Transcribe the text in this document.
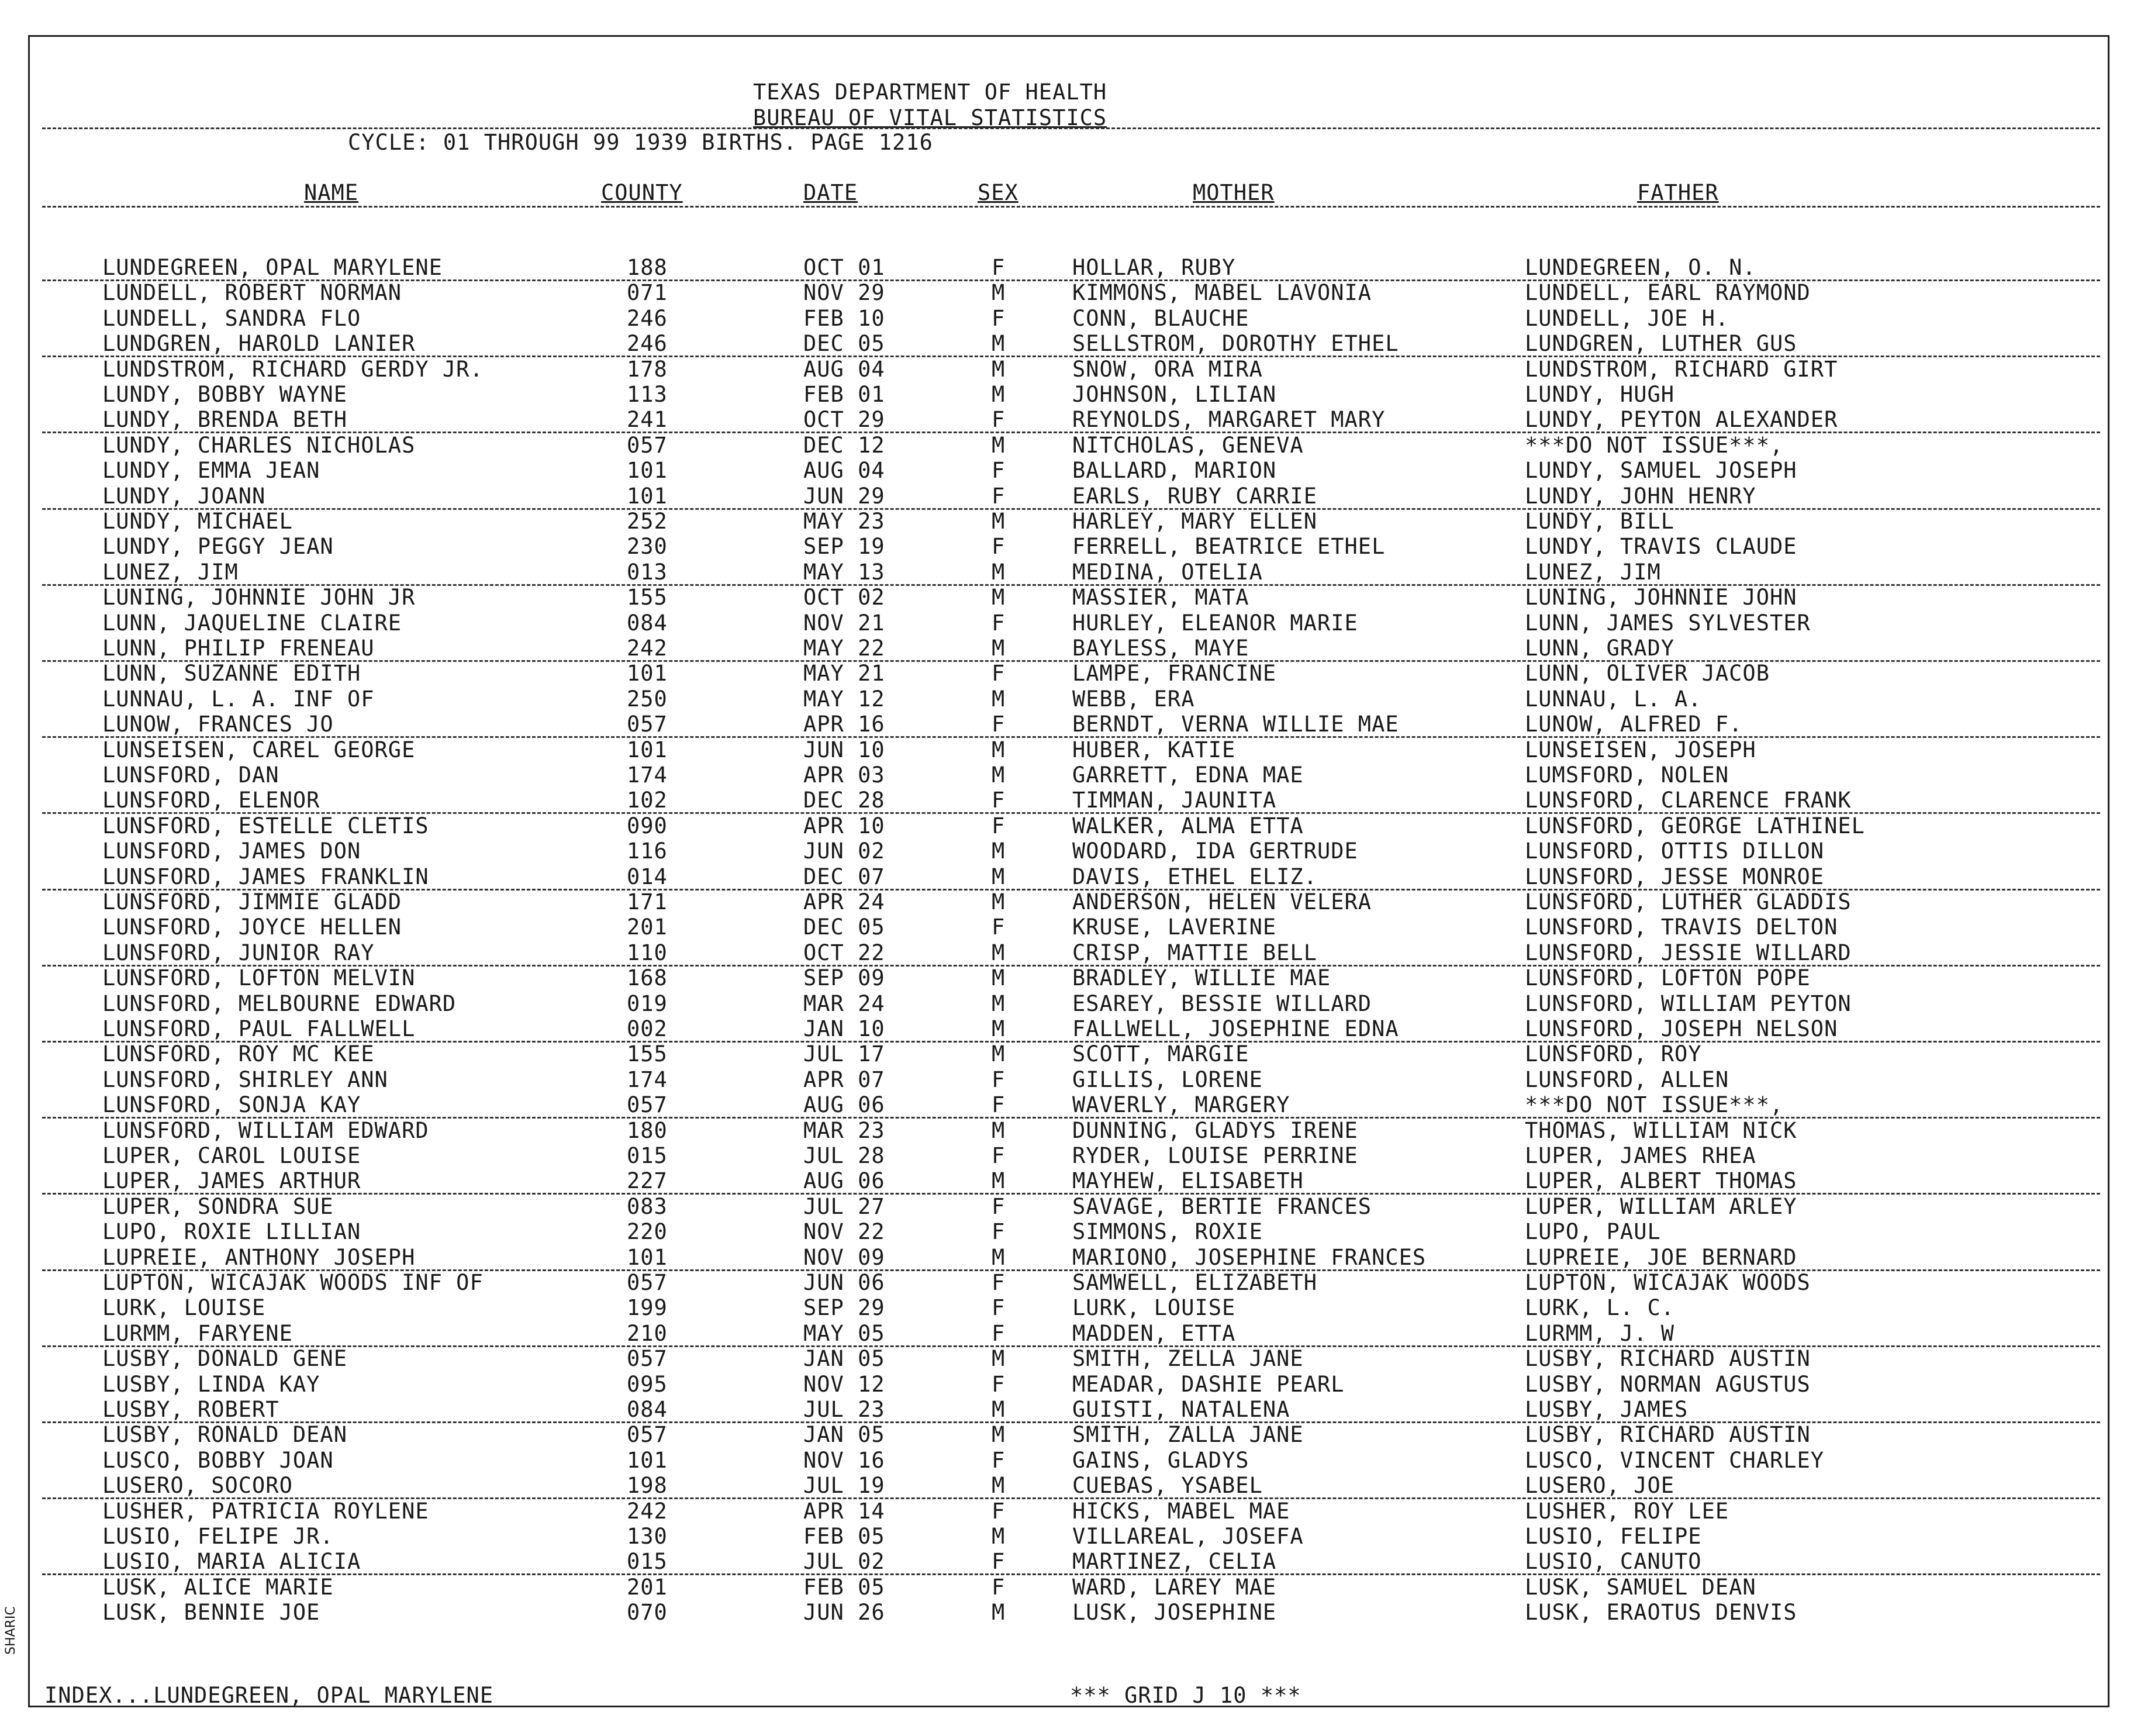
TEXAS DEPARTMENT OF HEALTH
BUREAU OF VITAL STATISTICS
CYCLE: 01 THROUGH 99 1939 BIRTHS. PAGE 1216
NAME	COUNTY	DATE	SEX	MOTHER	FATHER
LUNDEGREEN, OPAL MARYLENE	188	OCT 01	F	HOLLAR, RUBY	LUNDEGREEN, O. N.
LUNDELL, ROBERT NORMAN	071	NOV 29	M	KIMMONS, MABEL LAVONIA	LUNDELL, EARL RAYMOND
LUNDELL, SANDRA FLO	246	FEB 10	F	CONN, BLAUCHE	LUNDELL, JOE H.
LUNDGREN, HAROLD LANIER	246	DEC 05	M	SELLSTROM, DOROTHY ETHEL	LUNDGREN, LUTHER GUS
LUNDSTROM, RICHARD GERDY JR.	178	AUG 04	M	SNOW, ORA MIRA	LUNDSTROM, RICHARD GIRT
LUNDY, BOBBY WAYNE	113	FEB 01	M	JOHNSON, LILIAN	LUNDY, HUGH
LUNDY, BRENDA BETH	241	OCT 29	F	REYNOLDS, MARGARET MARY	LUNDY, PEYTON ALEXANDER
LUNDY, CHARLES NICHOLAS	057	DEC 12	M	NITCHOLAS, GENEVA	***DO NOT ISSUE***,
LUNDY, EMMA JEAN	101	AUG 04	F	BALLARD, MARION	LUNDY, SAMUEL JOSEPH
LUNDY, JOANN	101	JUN 29	F	EARLS, RUBY CARRIE	LUNDY, JOHN HENRY
LUNDY, MICHAEL	252	MAY 23	M	HARLEY, MARY ELLEN	LUNDY, BILL
LUNDY, PEGGY JEAN	230	SEP 19	F	FERRELL, BEATRICE ETHEL	LUNDY, TRAVIS CLAUDE
LUNEZ, JIM	013	MAY 13	M	MEDINA, OTELIA	LUNEZ, JIM
LUNING, JOHNNIE JOHN JR	155	OCT 02	M	MASSIER, MATA	LUNING, JOHNNIE JOHN
LUNN, JAQUELINE CLAIRE	084	NOV 21	F	HURLEY, ELEANOR MARIE	LUNN, JAMES SYLVESTER
LUNN, PHILIP FRENEAU	242	MAY 22	M	BAYLESS, MAYE	LUNN, GRADY
LUNN, SUZANNE EDITH	101	MAY 21	F	LAMPE, FRANCINE	LUNN, OLIVER JACOB
LUNNAU, L. A. INF OF	250	MAY 12	M	WEBB, ERA	LUNNAU, L. A.
LUNOW, FRANCES JO	057	APR 16	F	BERNDT, VERNA WILLIE MAE	LUNOW, ALFRED F.
LUNSEISEN, CAREL GEORGE	101	JUN 10	M	HUBER, KATIE	LUNSEISEN, JOSEPH
LUNSFORD, DAN	174	APR 03	M	GARRETT, EDNA MAE	LUMSFORD, NOLEN
LUNSFORD, ELENOR	102	DEC 28	F	TIMMAN, JAUNITA	LUNSFORD, CLARENCE FRANK
LUNSFORD, ESTELLE CLETIS	090	APR 10	F	WALKER, ALMA ETTA	LUNSFORD, GEORGE LATHINEL
LUNSFORD, JAMES DON	116	JUN 02	M	WOODARD, IDA GERTRUDE	LUNSFORD, OTTIS DILLON
LUNSFORD, JAMES FRANKLIN	014	DEC 07	M	DAVIS, ETHEL ELIZ.	LUNSFORD, JESSE MONROE
LUNSFORD, JIMMIE GLADD	171	APR 24	M	ANDERSON, HELEN VELERA	LUNSFORD, LUTHER GLADDIS
LUNSFORD, JOYCE HELLEN	201	DEC 05	F	KRUSE, LAVERINE	LUNSFORD, TRAVIS DELTON
LUNSFORD, JUNIOR RAY	110	OCT 22	M	CRISP, MATTIE BELL	LUNSFORD, JESSIE WILLARD
LUNSFORD, LOFTON MELVIN	168	SEP 09	M	BRADLEY, WILLIE MAE	LUNSFORD, LOFTON POPE
LUNSFORD, MELBOURNE EDWARD	019	MAR 24	M	ESAREY, BESSIE WILLARD	LUNSFORD, WILLIAM PEYTON
LUNSFORD, PAUL FALLWELL	002	JAN 10	M	FALLWELL, JOSEPHINE EDNA	LUNSFORD, JOSEPH NELSON
LUNSFORD, ROY MC KEE	155	JUL 17	M	SCOTT, MARGIE	LUNSFORD, ROY
LUNSFORD, SHIRLEY ANN	174	APR 07	F	GILLIS, LORENE	LUNSFORD, ALLEN
LUNSFORD, SONJA KAY	057	AUG 06	F	WAVERLY, MARGERY	***DO NOT ISSUE***,
LUNSFORD, WILLIAM EDWARD	180	MAR 23	M	DUNNING, GLADYS IRENE	THOMAS, WILLIAM NICK
LUPER, CAROL LOUISE	015	JUL 28	F	RYDER, LOUISE PERRINE	LUPER, JAMES RHEA
LUPER, JAMES ARTHUR	227	AUG 06	M	MAYHEW, ELISABETH	LUPER, ALBERT THOMAS
LUPER, SONDRA SUE	083	JUL 27	F	SAVAGE, BERTIE FRANCES	LUPER, WILLIAM ARLEY
LUPO, ROXIE LILLIAN	220	NOV 22	F	SIMMONS, ROXIE	LUPO, PAUL
LUPREIE, ANTHONY JOSEPH	101	NOV 09	M	MARIONO, JOSEPHINE FRANCES	LUPREIE, JOE BERNARD
LUPTON, WICAJAK WOODS INF OF	057	JUN 06	F	SAMWELL, ELIZABETH	LUPTON, WICAJAK WOODS
LURK, LOUISE	199	SEP 29	F	LURK, LOUISE	LURK, L. C.
LURMM, FARYENE	210	MAY 05	F	MADDEN, ETTA	LURMM, J. W
LUSBY, DONALD GENE	057	JAN 05	M	SMITH, ZELLA JANE	LUSBY, RICHARD AUSTIN
LUSBY, LINDA KAY	095	NOV 12	F	MEADAR, DASHIE PEARL	LUSBY, NORMAN AGUSTUS
LUSBY, ROBERT	084	JUL 23	M	GUISTI, NATALENA	LUSBY, JAMES
LUSBY, RONALD DEAN	057	JAN 05	M	SMITH, ZALLA JANE	LUSBY, RICHARD AUSTIN
LUSCO, BOBBY JOAN	101	NOV 16	F	GAINS, GLADYS	LUSCO, VINCENT CHARLEY
LUSERO, SOCORO	198	JUL 19	M	CUEBAS, YSABEL	LUSERO, JOE
LUSHER, PATRICIA ROYLENE	242	APR 14	F	HICKS, MABEL MAE	LUSHER, ROY LEE
LUSIO, FELIPE JR.	130	FEB 05	M	VILLAREAL, JOSEFA	LUSIO, FELIPE
LUSIO, MARIA ALICIA	015	JUL 02	F	MARTINEZ, CELIA	LUSIO, CANUTO
LUSK, ALICE MARIE	201	FEB 05	F	WARD, LAREY MAE	LUSK, SAMUEL DEAN
LUSK, BENNIE JOE	070	JUN 26	M	LUSK, JOSEPHINE	LUSK, ERAOTUS DENVIS
INDEX...LUNDEGREEN, OPAL MARYLENE	*** GRID J 10 ***
SHARIC
